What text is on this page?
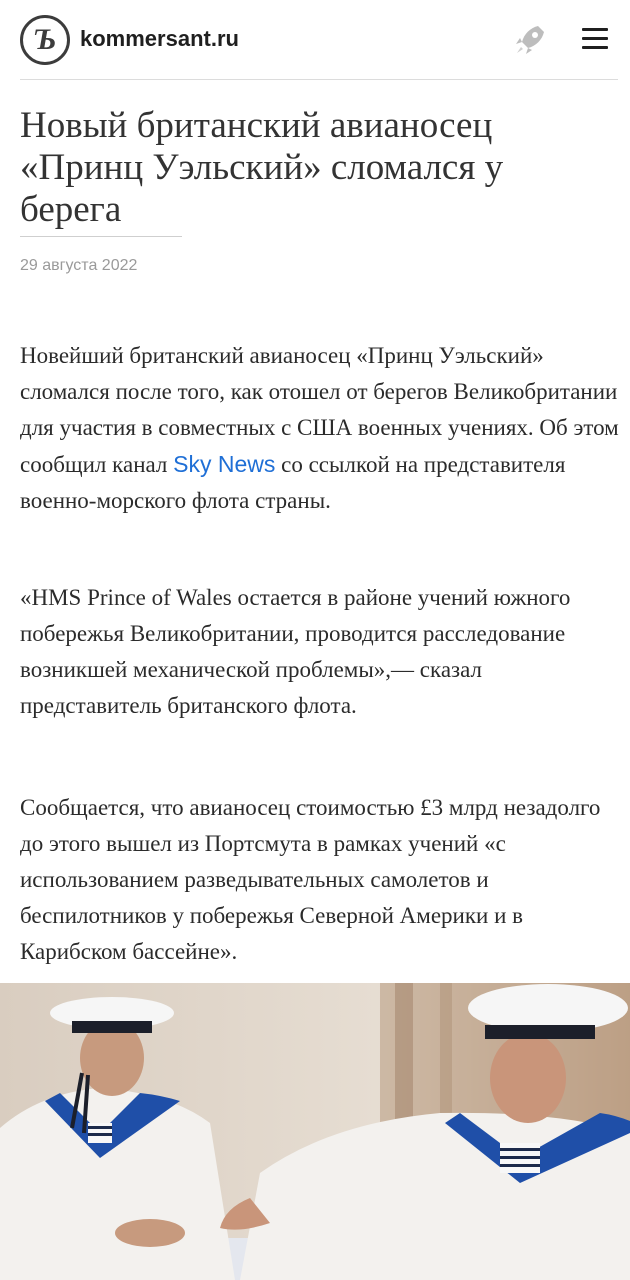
Ъ	kommersant.ru
Новый британский авианосец «Принц Уэльский» сломался у берега
29 августа 2022

Новейший британский авианосец «Принц Уэльский» сломался после того, как отошел от берегов Великобритании для участия в совместных с США военных учениях. Об этом сообщил канал Sky News со ссылкой на представителя военно-морского флота страны.

«HMS Prince of Wales остается в районе учений южного побережья Великобритании, проводится расследование возникшей механической проблемы»,— сказал представитель британского флота.

Сообщается, что авианосец стоимостью £3 млрд незадолго до этого вышел из Портсмута в рамках учений «с использованием разведывательных самолетов и беспилотников у побережья Северной Америки и в Карибском бассейне».
